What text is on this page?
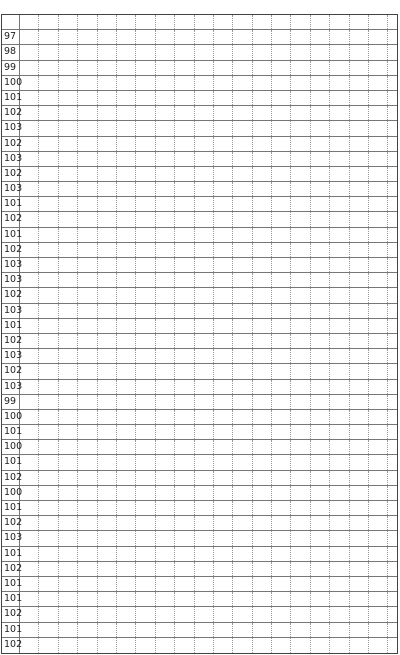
97
98
99
100
101
102
103
102
103
102
103
101
102
101
102
103
103
102
103
101
102
103
102
103
99
100
101
100
101
102
100
101
102
103
101
102
101
101
102
101
102
